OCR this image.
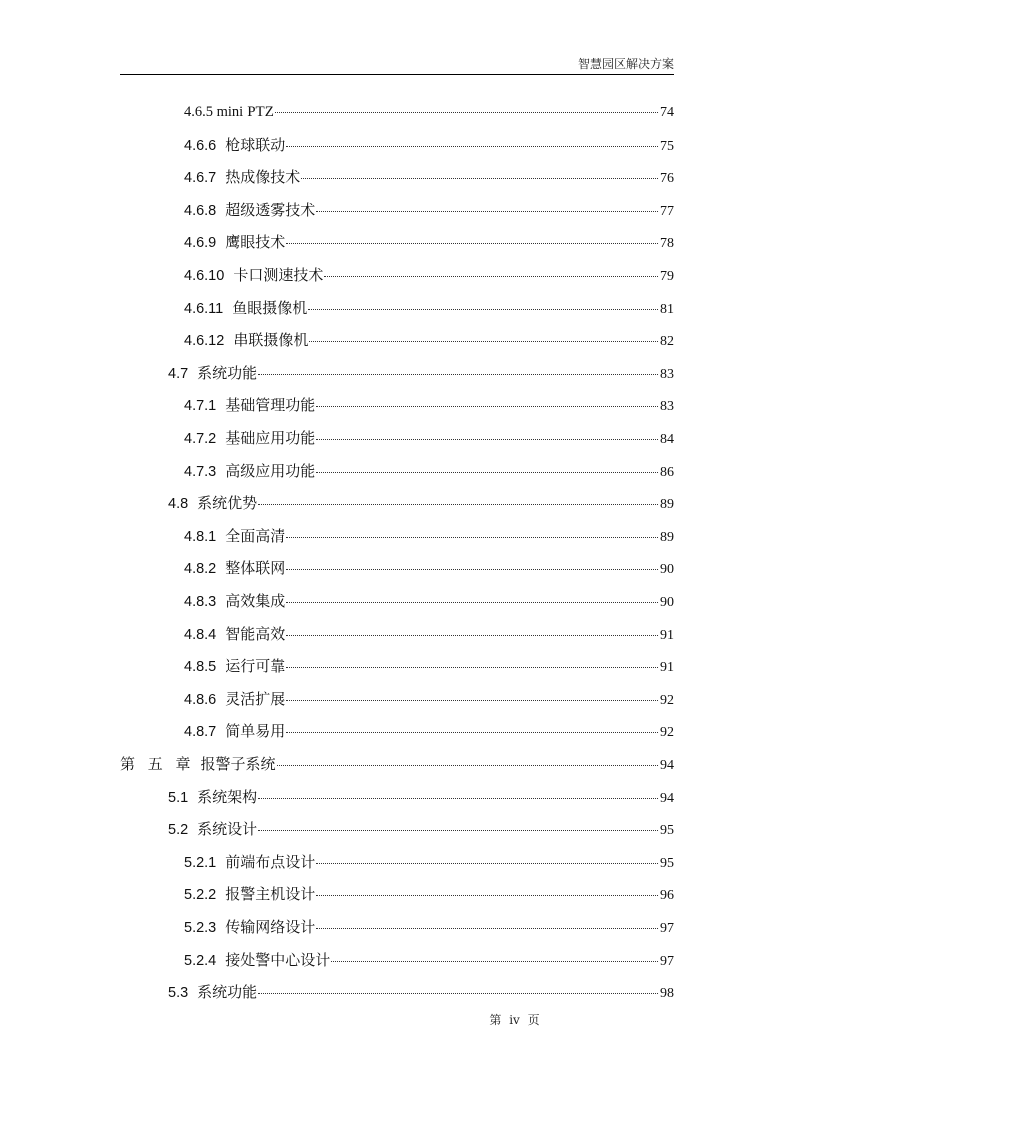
智慧园区解决方案
4.6.5 mini PTZ	74
4.6.6 枪球联动	75
4.6.7 热成像技术	76
4.6.8 超级透雾技术	77
4.6.9 鹰眼技术	78
4.6.10 卡口测速技术	79
4.6.11 鱼眼摄像机	81
4.6.12 串联摄像机	82
4.7 系统功能	83
4.7.1 基础管理功能	83
4.7.2 基础应用功能	84
4.7.3 高级应用功能	86
4.8 系统优势	89
4.8.1 全面高清	89
4.8.2 整体联网	90
4.8.3 高效集成	90
4.8.4 智能高效	91
4.8.5 运行可靠	91
4.8.6 灵活扩展	92
4.8.7 简单易用	92
第 五 章 报警子系统	94
5.1 系统架构	94
5.2 系统设计	95
5.2.1 前端布点设计	95
5.2.2 报警主机设计	96
5.2.3 传输网络设计	97
5.2.4 接处警中心设计	97
5.3 系统功能	98
第 iv 页
